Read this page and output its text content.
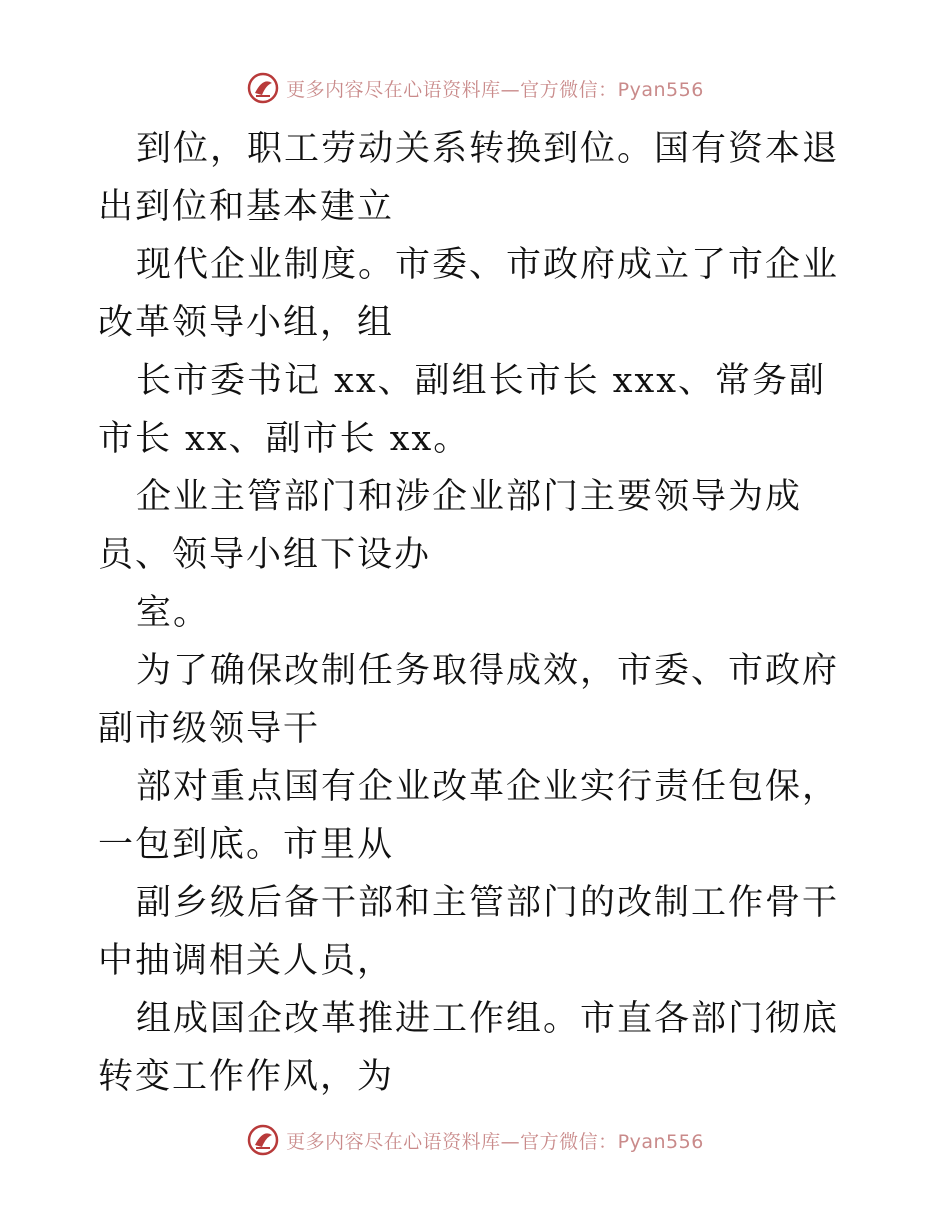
更多内容尽在心语资料库—官方微信：Pyan556

到位，职工劳动关系转换到位。国有资本退出到位和基本建立

现代企业制度。市委、市政府成立了市企业改革领导小组，组

长市委书记 xx、副组长市长 xxx、常务副市长 xx、副市长 xx。

企业主管部门和涉企业部门主要领导为成员、领导小组下设办

室。

为了确保改制任务取得成效，市委、市政府副市级领导干

部对重点国有企业改革企业实行责任包保，一包到底。市里从

副乡级后备干部和主管部门的改制工作骨干中抽调相关人员，

组成国企改革推进工作组。市直各部门彻底转变工作作风，为

更多内容尽在心语资料库—官方微信：Pyan556
